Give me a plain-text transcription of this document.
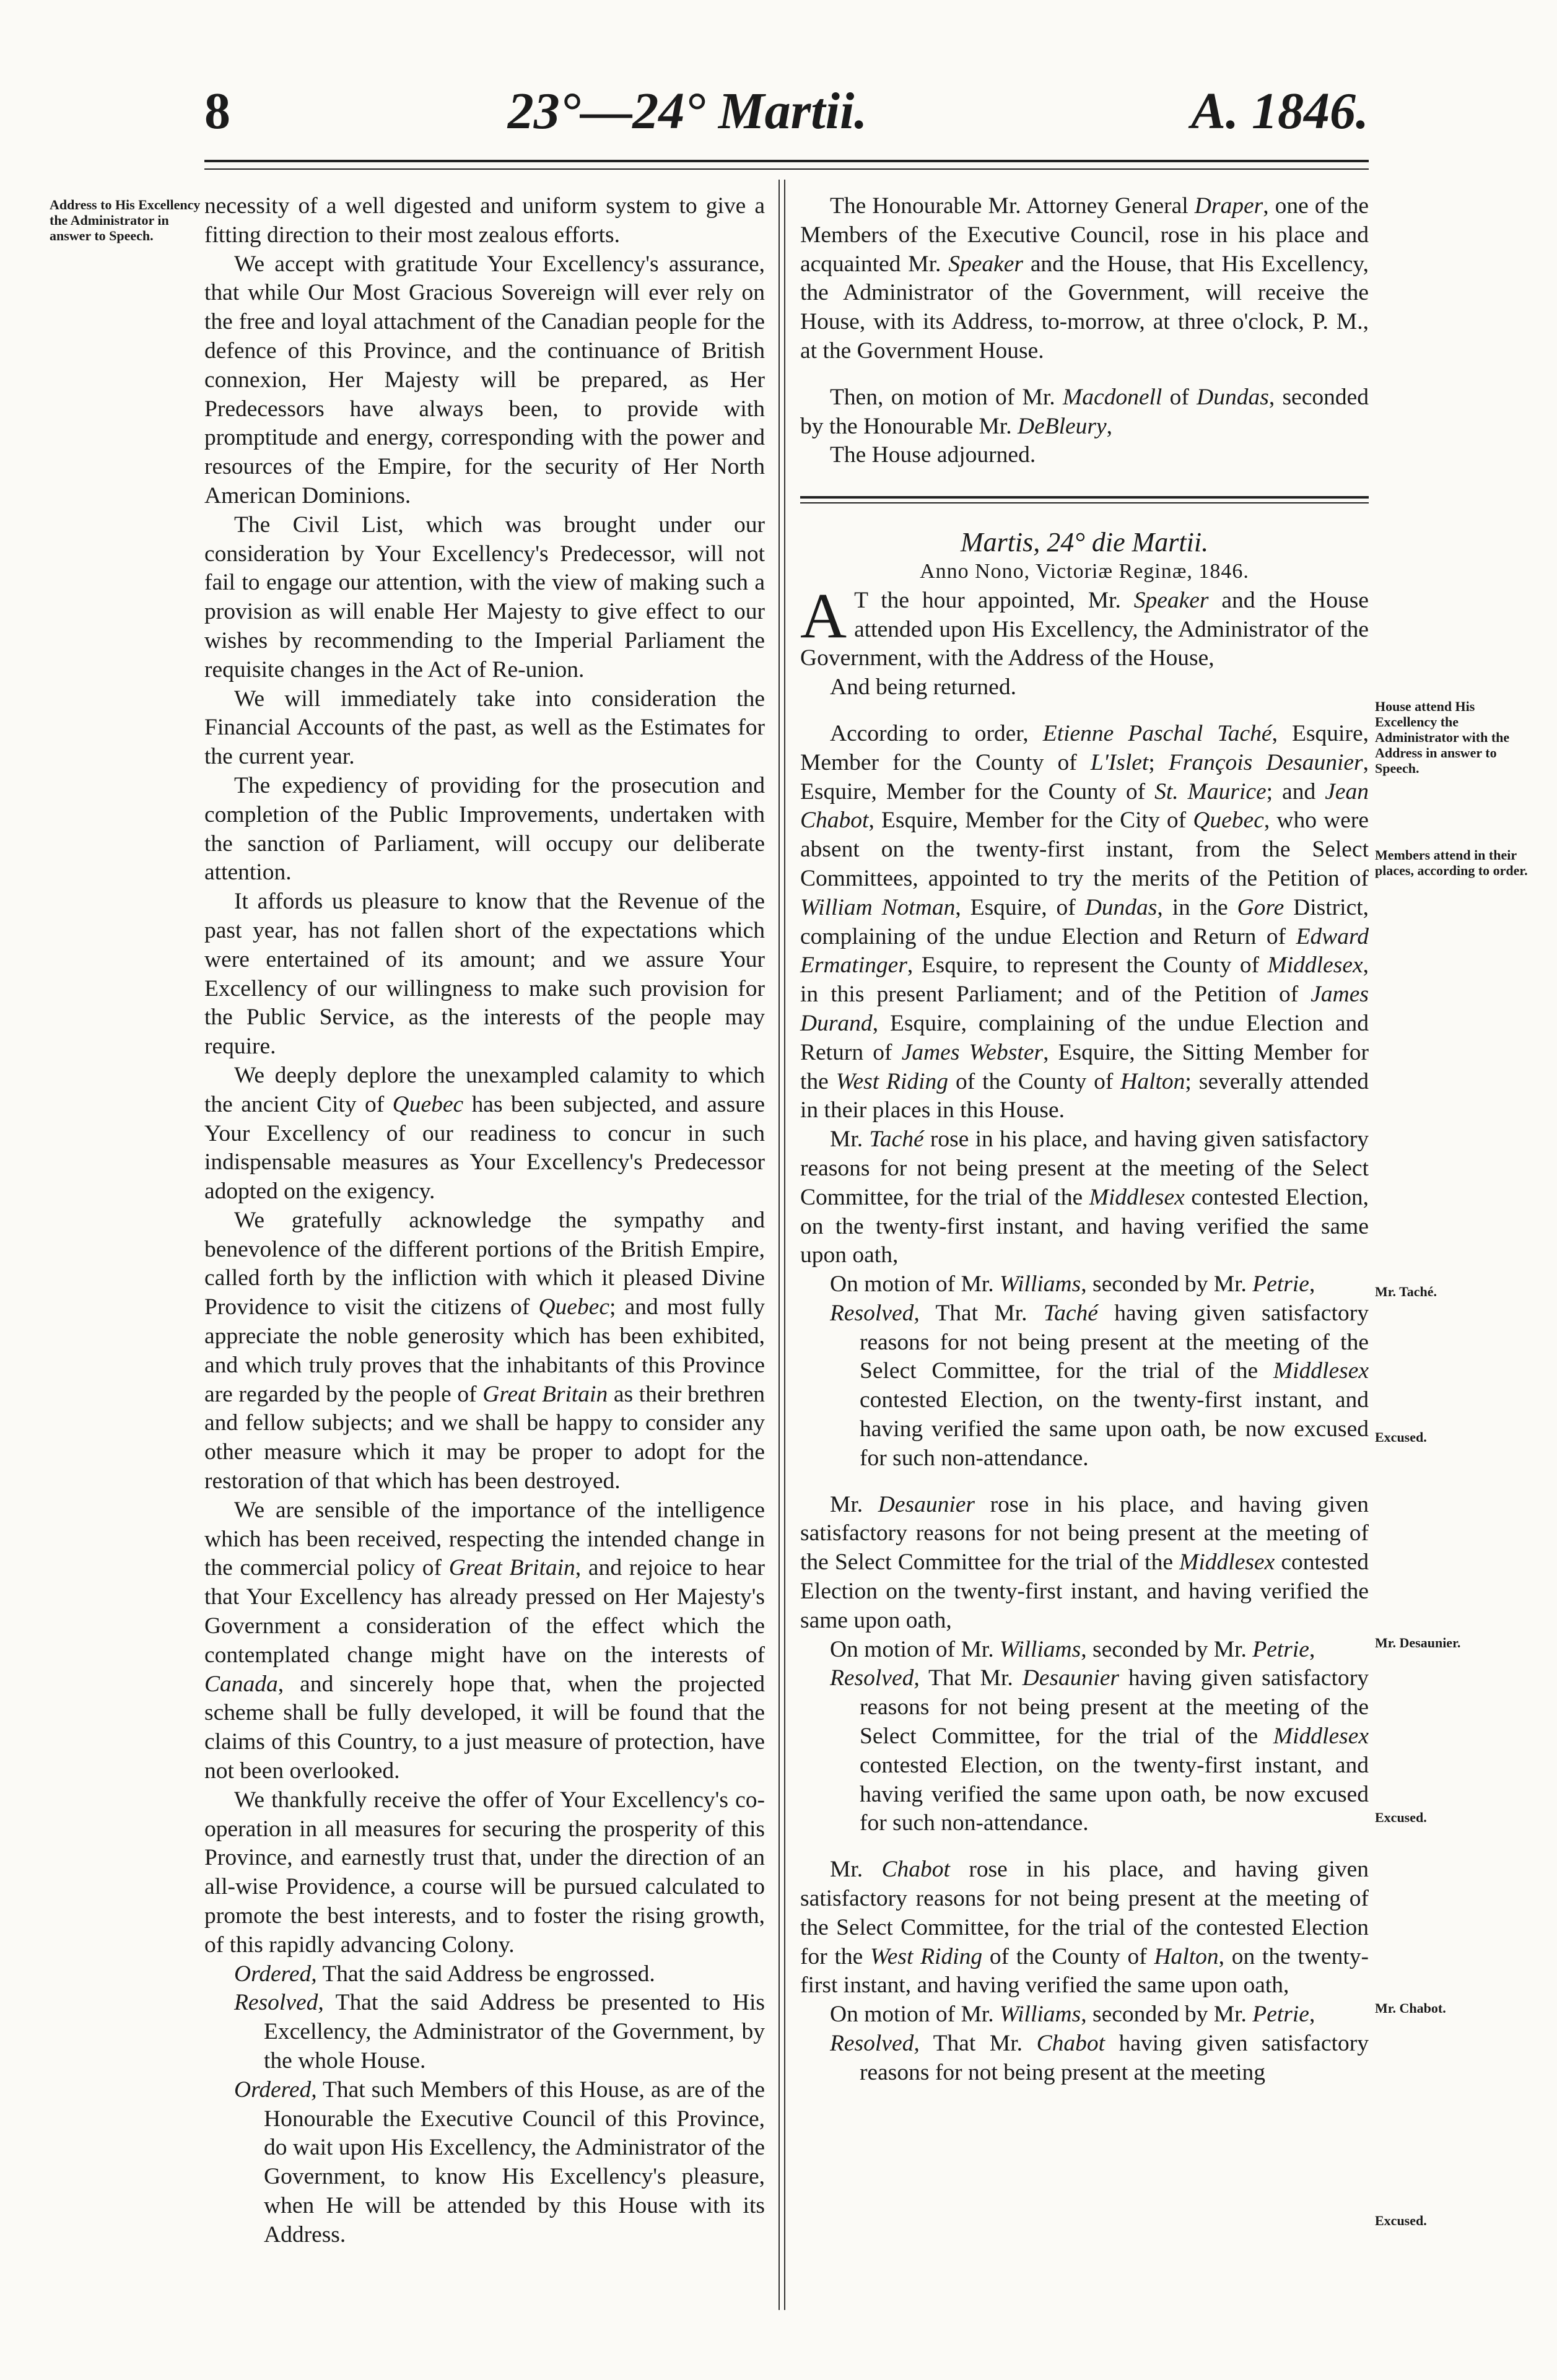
8	23°—24° Martii.	A. 1846.
Address to His Excellency the Administrator in answer to Speech.
House attend His Excellency the Administrator with the Address in answer to Speech.
Members attend in their places, according to order.
Mr. Taché.
Excused.
Mr. Desaunier.
Excused.
Mr. Chabot.
Excused.

necessity of a well digested and uniform system to give a fitting direction to their most zealous efforts.

We accept with gratitude Your Excellency's assurance, that while Our Most Gracious Sovereign will ever rely on the free and loyal attachment of the Canadian people for the defence of this Province, and the continuance of British connexion, Her Majesty will be prepared, as Her Predecessors have always been, to provide with promptitude and energy, corresponding with the power and resources of the Empire, for the security of Her North American Dominions.

The Civil List, which was brought under our consideration by Your Excellency's Predecessor, will not fail to engage our attention, with the view of making such a provision as will enable Her Majesty to give effect to our wishes by recommending to the Imperial Parliament the requisite changes in the Act of Re-union.

We will immediately take into consideration the Financial Accounts of the past, as well as the Estimates for the current year.

The expediency of providing for the prosecution and completion of the Public Improvements, undertaken with the sanction of Parliament, will occupy our deliberate attention.

It affords us pleasure to know that the Revenue of the past year, has not fallen short of the expectations which were entertained of its amount; and we assure Your Excellency of our willingness to make such provision for the Public Service, as the interests of the people may require.

We deeply deplore the unexampled calamity to which the ancient City of Quebec has been subjected, and assure Your Excellency of our readiness to concur in such indispensable measures as Your Excellency's Predecessor adopted on the exigency.

We gratefully acknowledge the sympathy and benevolence of the different portions of the British Empire, called forth by the infliction with which it pleased Divine Providence to visit the citizens of Quebec; and most fully appreciate the noble generosity which has been exhibited, and which truly proves that the inhabitants of this Province are regarded by the people of Great Britain as their brethren and fellow subjects; and we shall be happy to consider any other measure which it may be proper to adopt for the restoration of that which has been destroyed.

We are sensible of the importance of the intelligence which has been received, respecting the intended change in the commercial policy of Great Britain, and rejoice to hear that Your Excellency has already pressed on Her Majesty's Government a consideration of the effect which the contemplated change might have on the interests of Canada, and sincerely hope that, when the projected scheme shall be fully developed, it will be found that the claims of this Country, to a just measure of protection, have not been overlooked.

We thankfully receive the offer of Your Excellency's co-operation in all measures for securing the prosperity of this Province, and earnestly trust that, under the direction of an all-wise Providence, a course will be pursued calculated to promote the best interests, and to foster the rising growth, of this rapidly advancing Colony.

Ordered, That the said Address be engrossed.

Resolved, That the said Address be presented to His Excellency, the Administrator of the Government, by the whole House.

Ordered, That such Members of this House, as are of the Honourable the Executive Council of this Province, do wait upon His Excellency, the Administrator of the Government, to know His Excellency's pleasure, when He will be attended by this House with its Address.

The Honourable Mr. Attorney General Draper, one of the Members of the Executive Council, rose in his place and acquainted Mr. Speaker and the House, that His Excellency, the Administrator of the Government, will receive the House, with its Address, to-morrow, at three o'clock, P. M., at the Government House.

Then, on motion of Mr. Macdonell of Dundas, seconded by the Honourable Mr. DeBleury,

The House adjourned.

Martis, 24° die Martii.

Anno Nono, Victoriæ Reginæ, 1846.

A T the hour appointed, Mr. Speaker and the House attended upon His Excellency, the Administrator of the Government, with the Address of the House,

And being returned.

According to order, Etienne Paschal Taché, Esquire, Member for the County of L'Islet; François Desaunier, Esquire, Member for the County of St. Maurice; and Jean Chabot, Esquire, Member for the City of Quebec, who were absent on the twenty-first instant, from the Select Committees, appointed to try the merits of the Petition of William Notman, Esquire, of Dundas, in the Gore District, complaining of the undue Election and Return of Edward Ermatinger, Esquire, to represent the County of Middlesex, in this present Parliament; and of the Petition of James Durand, Esquire, complaining of the undue Election and Return of James Webster, Esquire, the Sitting Member for the West Riding of the County of Halton; severally attended in their places in this House.

Mr. Taché rose in his place, and having given satisfactory reasons for not being present at the meeting of the Select Committee, for the trial of the Middlesex contested Election, on the twenty-first instant, and having verified the same upon oath,

On motion of Mr. Williams, seconded by Mr. Petrie,

Resolved, That Mr. Taché having given satisfactory reasons for not being present at the meeting of the Select Committee, for the trial of the Middlesex contested Election, on the twenty-first instant, and having verified the same upon oath, be now excused for such non-attendance.

Mr. Desaunier rose in his place, and having given satisfactory reasons for not being present at the meeting of the Select Committee for the trial of the Middlesex contested Election on the twenty-first instant, and having verified the same upon oath,

On motion of Mr. Williams, seconded by Mr. Petrie,

Resolved, That Mr. Desaunier having given satisfactory reasons for not being present at the meeting of the Select Committee, for the trial of the Middlesex contested Election, on the twenty-first instant, and having verified the same upon oath, be now excused for such non-attendance.

Mr. Chabot rose in his place, and having given satisfactory reasons for not being present at the meeting of the Select Committee, for the trial of the contested Election for the West Riding of the County of Halton, on the twenty-first instant, and having verified the same upon oath,

On motion of Mr. Williams, seconded by Mr. Petrie,

Resolved, That Mr. Chabot having given satisfactory reasons for not being present at the meeting
